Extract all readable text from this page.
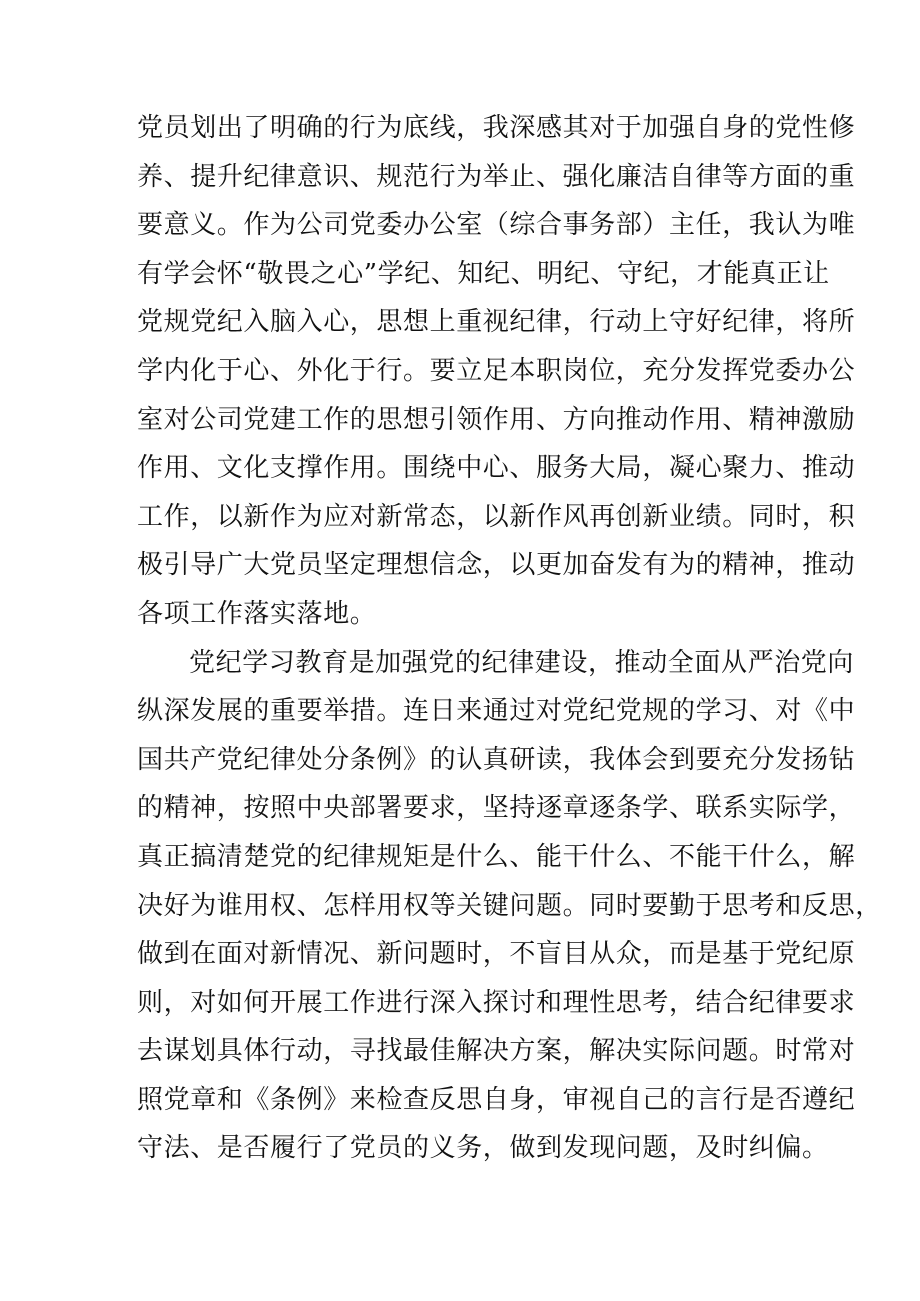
党员划出了明确的行为底线，我深感其对于加强自身的党性修
养、提升纪律意识、规范行为举止、强化廉洁自律等方面的重
要意义。作为公司党委办公室（综合事务部）主任，我认为唯
有学会怀“敬畏之心”学纪、知纪、明纪、守纪，才能真正让
党规党纪入脑入心，思想上重视纪律，行动上守好纪律，将所
学内化于心、外化于行。要立足本职岗位，充分发挥党委办公
室对公司党建工作的思想引领作用、方向推动作用、精神激励
作用、文化支撑作用。围绕中心、服务大局，凝心聚力、推动
工作，以新作为应对新常态，以新作风再创新业绩。同时，积
极引导广大党员坚定理想信念，以更加奋发有为的精神，推动
各项工作落实落地。
党纪学习教育是加强党的纪律建设，推动全面从严治党向
纵深发展的重要举措。连日来通过对党纪党规的学习、对《中
国共产党纪律处分条例》的认真研读，我体会到要充分发扬钻
的精神，按照中央部署要求，坚持逐章逐条学、联系实际学，
真正搞清楚党的纪律规矩是什么、能干什么、不能干什么，解
决好为谁用权、怎样用权等关键问题。同时要勤于思考和反思，
做到在面对新情况、新问题时，不盲目从众，而是基于党纪原
则，对如何开展工作进行深入探讨和理性思考，结合纪律要求
去谋划具体行动，寻找最佳解决方案，解决实际问题。时常对
照党章和《条例》来检查反思自身，审视自己的言行是否遵纪
守法、是否履行了党员的义务，做到发现问题，及时纠偏。
